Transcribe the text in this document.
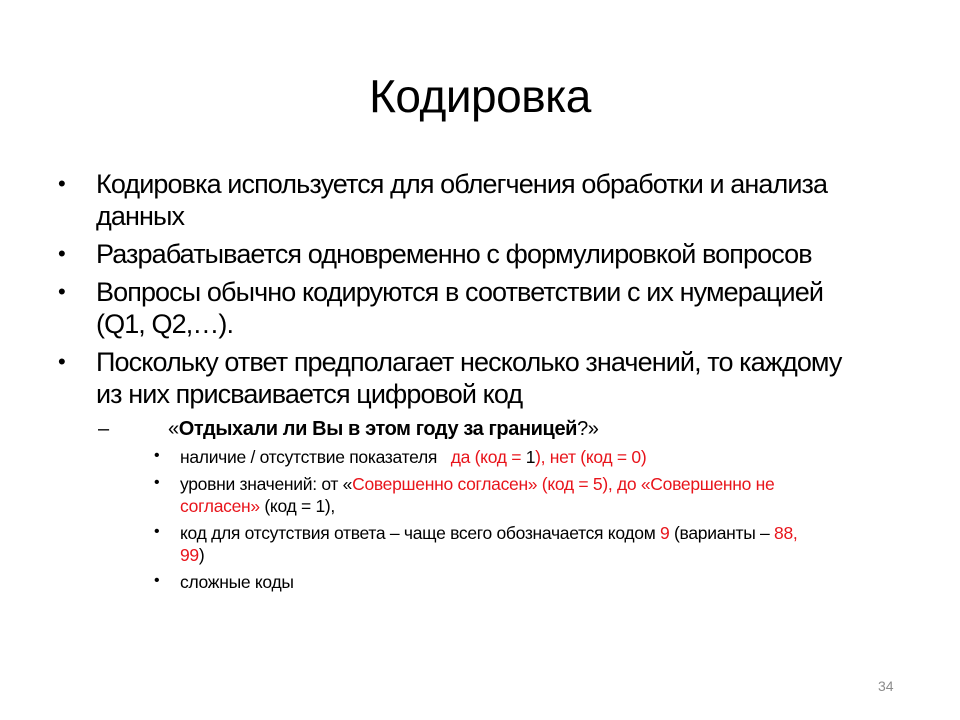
Кодировка
• Кодировка используется для облегчения обработки и анализа данных
• Разрабатывается одновременно с формулировкой вопросов
• Вопросы обычно кодируются в соответствии с их нумерацией (Q1, Q2,…).
• Поскольку ответ предполагает несколько значений, то каждому из них присваивается цифровой код
–	«Отдыхали ли Вы в этом году за границей?»
• наличие / отсутствие показателя   да (код = 1), нет (код = 0)
• уровни значений: от «Совершенно согласен» (код = 5), до «Совершенно не согласен» (код = 1),
• код для отсутствия ответа – чаще всего обозначается кодом 9 (варианты – 88, 99)
• сложные коды
34
